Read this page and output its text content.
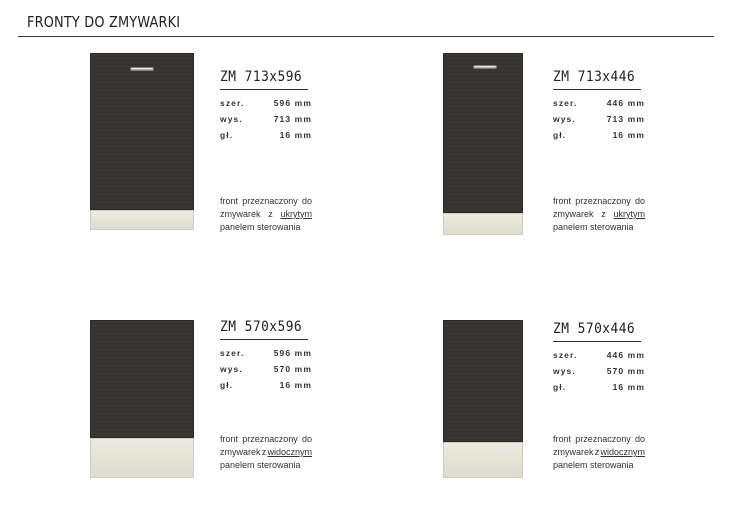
FRONTY DO ZMYWARKI
ZM 713x596
szer.	596 mm
wys.	713 mm
gł.	16 mm
front przeznaczony do
zmywarek z ukrytym
panelem sterowania
ZM 713x446
szer.	446 mm
wys.	713 mm
gł.	16 mm
front przeznaczony do
zmywarek z ukrytym
panelem sterowania
ZM 570x596
szer.	596 mm
wys.	570 mm
gł.	16 mm
front przeznaczony do
zmywarek z widocznym
panelem sterowania
ZM 570x446
szer.	446 mm
wys.	570 mm
gł.	16 mm
front przeznaczony do
zmywarek z widocznym
panelem sterowania
